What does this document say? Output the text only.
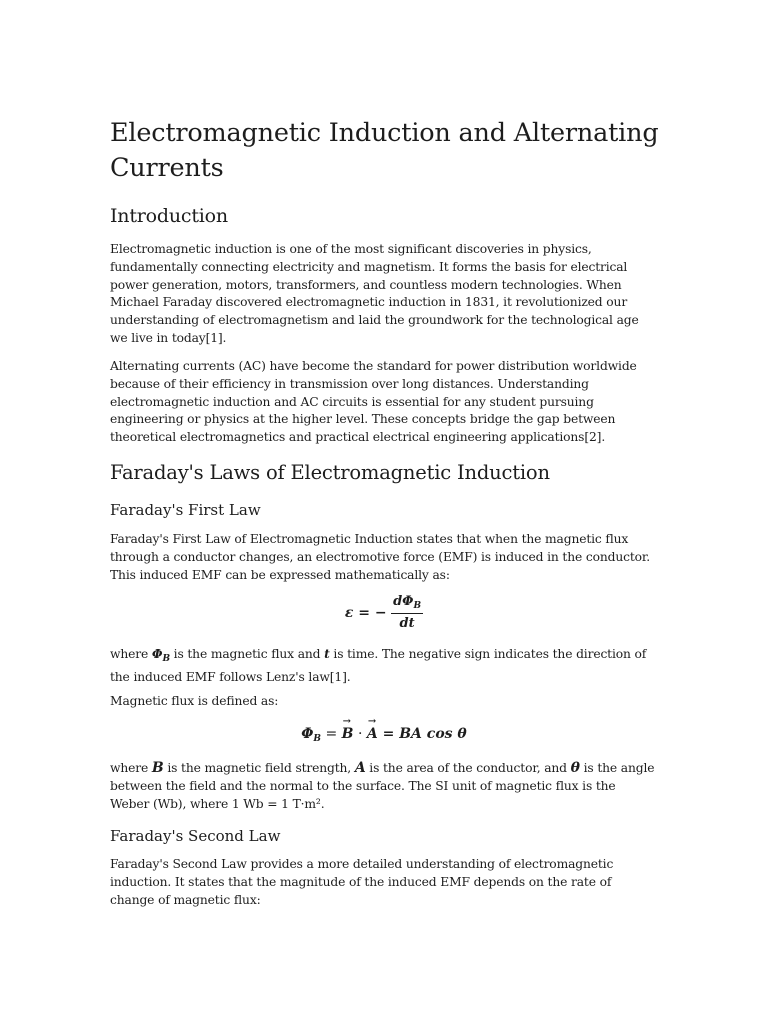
Electromagnetic Induction and Alternating Currents
Introduction

Electromagnetic induction is one of the most significant discoveries in physics, fundamentally connecting electricity and magnetism. It forms the basis for electrical power generation, motors, transformers, and countless modern technologies. When Michael Faraday discovered electromagnetic induction in 1831, it revolutionized our understanding of electromagnetism and laid the groundwork for the technological age we live in today[1].

Alternating currents (AC) have become the standard for power distribution worldwide because of their efficiency in transmission over long distances. Understanding electromagnetic induction and AC circuits is essential for any student pursuing engineering or physics at the higher level. These concepts bridge the gap between theoretical electromagnetics and practical electrical engineering applications[2].

Faraday's Laws of Electromagnetic Induction
Faraday's First Law

Faraday's First Law of Electromagnetic Induction states that when the magnetic flux through a conductor changes, an electromotive force (EMF) is induced in the conductor. This induced EMF can be expressed mathematically as:

ε = − $\frac{d\Phi_B}{dt}$

where $\Phi_B$ is the magnetic flux and t is time. The negative sign indicates the direction of the induced EMF follows Lenz's law[1].

Magnetic flux is defined as:

$\Phi_B$ = → B · → A = BA cos θ

where B is the magnetic field strength, A is the area of the conductor, and θ is the angle between the field and the normal to the surface. The SI unit of magnetic flux is the Weber (Wb), where 1 Wb = 1 T·m².

Faraday's Second Law

Faraday's Second Law provides a more detailed understanding of electromagnetic induction. It states that the magnitude of the induced EMF depends on the rate of change of magnetic flux:
